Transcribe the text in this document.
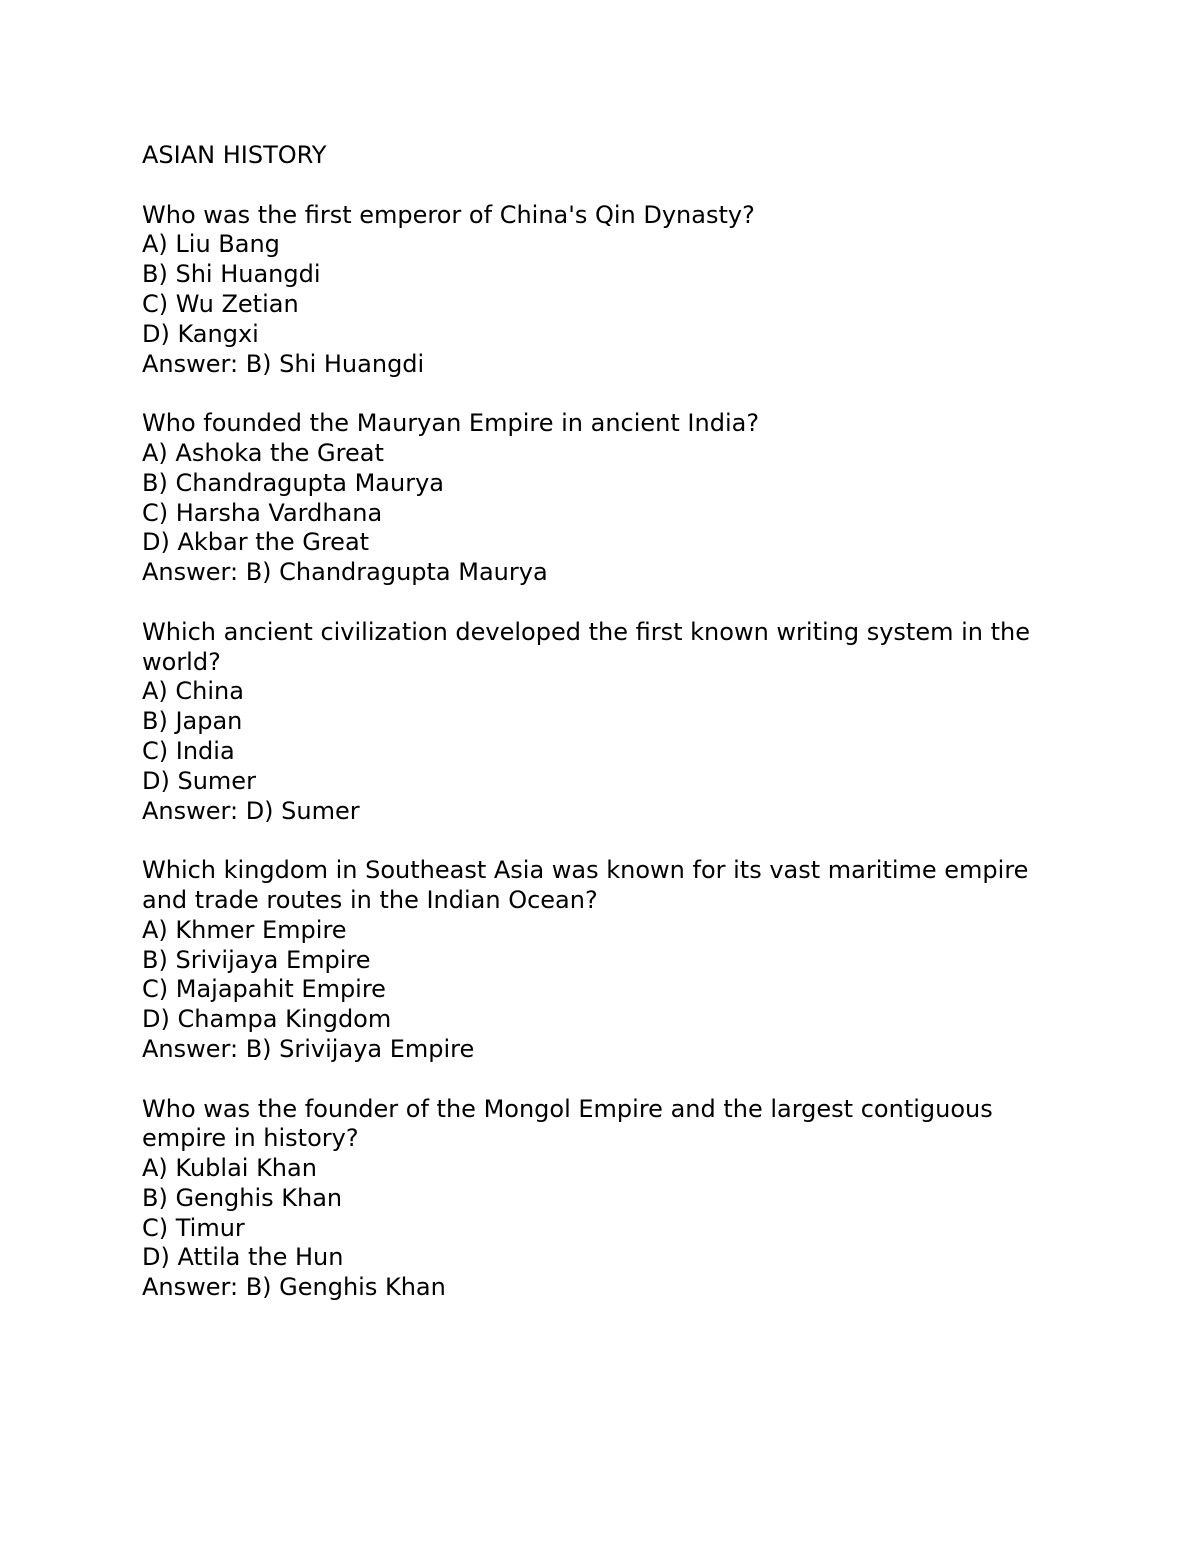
ASIAN HISTORY

Who was the first emperor of China's Qin Dynasty?

A) Liu Bang
B) Shi Huangdi
C) Wu Zetian
D) Kangxi

Answer: B) Shi Huangdi

Who founded the Mauryan Empire in ancient India?

A) Ashoka the Great
B) Chandragupta Maurya
C) Harsha Vardhana
D) Akbar the Great

Answer: B) Chandragupta Maurya

Which ancient civilization developed the first known writing system in the world?

A) China
B) Japan
C) India
D) Sumer

Answer: D) Sumer

Which kingdom in Southeast Asia was known for its vast maritime empire and trade routes in the Indian Ocean?

A) Khmer Empire
B) Srivijaya Empire
C) Majapahit Empire
D) Champa Kingdom

Answer: B) Srivijaya Empire

Who was the founder of the Mongol Empire and the largest contiguous empire in history?

A) Kublai Khan
B) Genghis Khan
C) Timur
D) Attila the Hun

Answer: B) Genghis Khan
